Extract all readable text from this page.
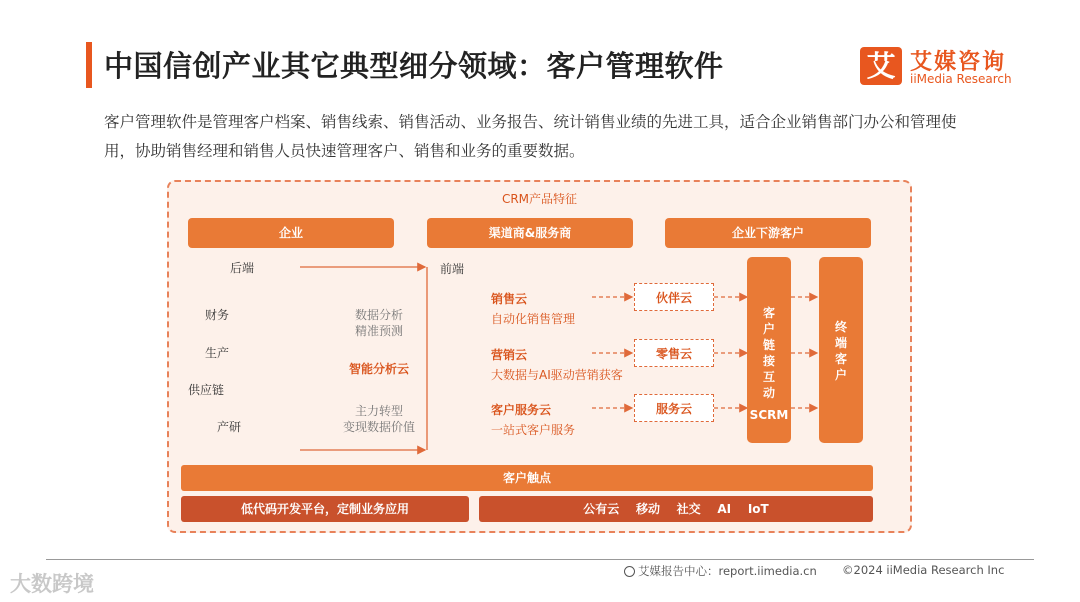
中国信创产业其它典型细分领域：客户管理软件	艾 艾媒咨询
iiMedia Research
客户管理软件是管理客户档案、销售线索、销售活动、业务报告、统计销售业绩的先进工具，适合企业销售部门办公和管理使用，协助销售经理和销售人员快速管理客户、销售和业务的重要数据。
CRM产品特征
企业	渠道商&服务商	企业下游客户
后端
财务
生产
供应链
产研
数据分析
精准预测
智能分析云
主力转型
变现数据价值
前端
销售云
自动化销售管理
营销云
大数据与AI驱动营销获客
客户服务云
一站式客户服务
伙伴云
零售云
服务云
客户链接互动
SCRM
终端客户
客户触点
低代码开发平台，定制业务应用	公有云    移动    社交    AI    IoT
艾媒报告中心：report.iimedia.cn ©2024 iiMedia Research Inc
大数跨境
